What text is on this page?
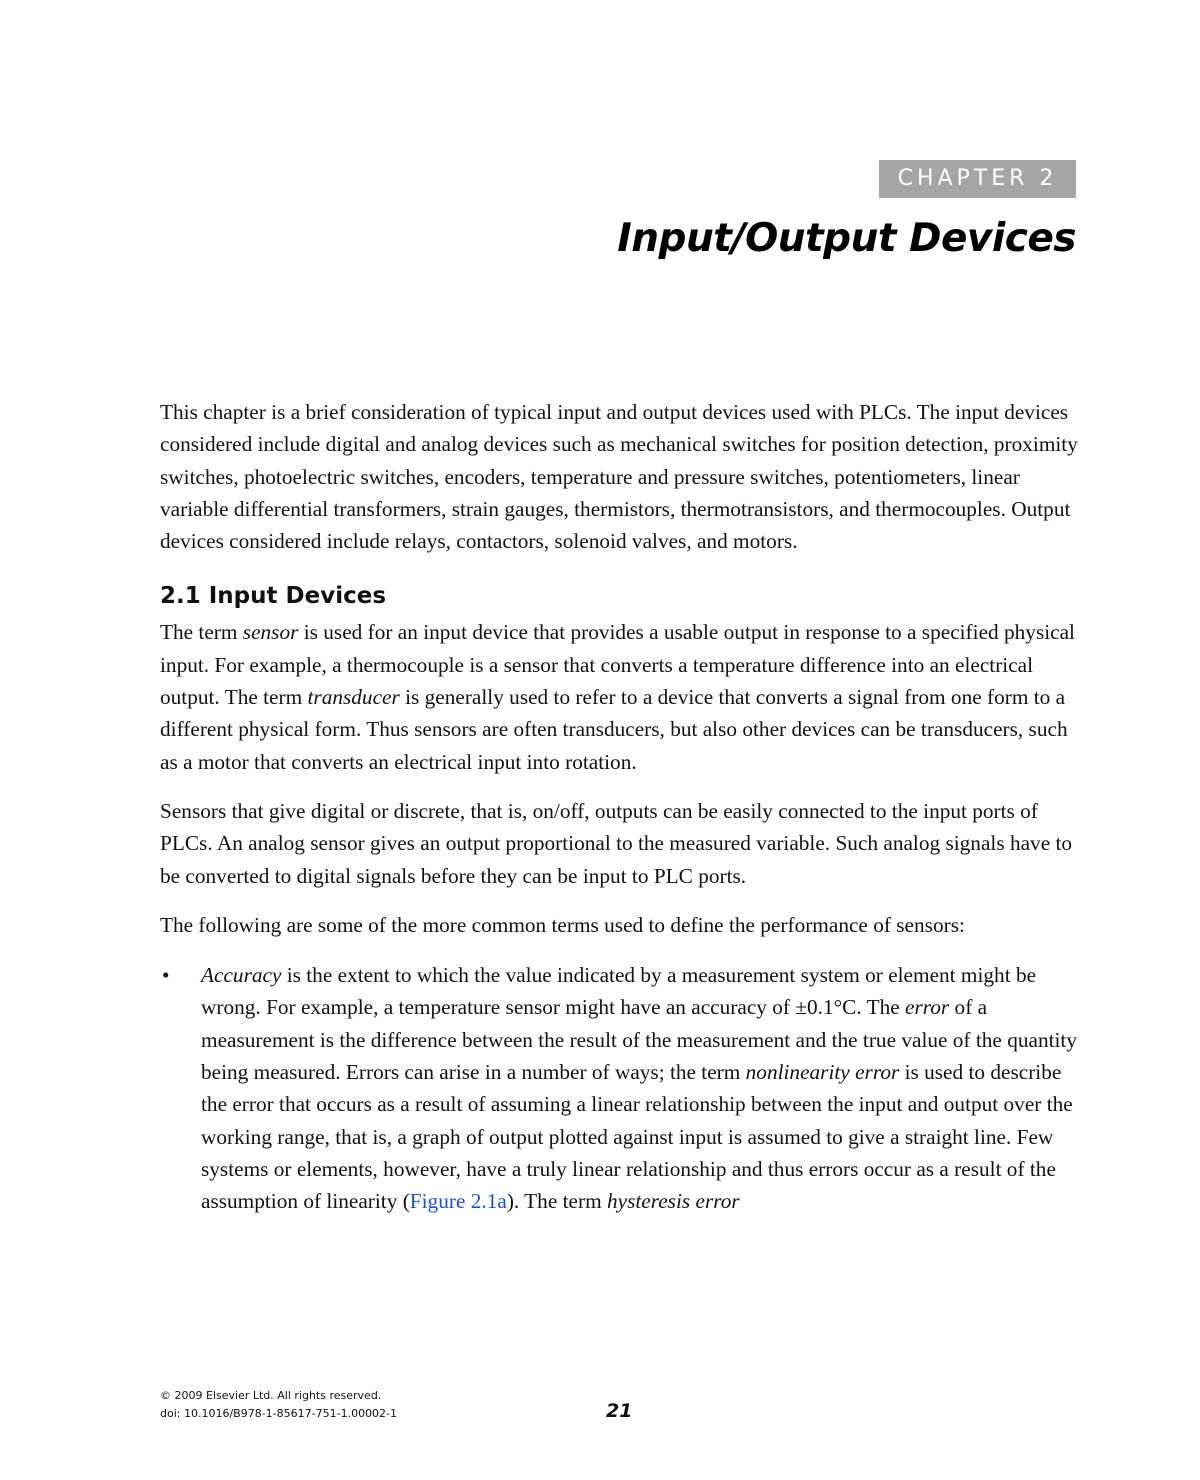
CHAPTER 2
Input/Output Devices

This chapter is a brief consideration of typical input and output devices used with PLCs. The input devices considered include digital and analog devices such as mechanical switches for position detection, proximity switches, photoelectric switches, encoders, temperature and pressure switches, potentiometers, linear variable differential transformers, strain gauges, thermistors, thermotransistors, and thermocouples. Output devices considered include relays, contactors, solenoid valves, and motors.

2.1 Input Devices

The term sensor is used for an input device that provides a usable output in response to a specified physical input. For example, a thermocouple is a sensor that converts a temperature difference into an electrical output. The term transducer is generally used to refer to a device that converts a signal from one form to a different physical form. Thus sensors are often transducers, but also other devices can be transducers, such as a motor that converts an electrical input into rotation.

Sensors that give digital or discrete, that is, on/off, outputs can be easily connected to the input ports of PLCs. An analog sensor gives an output proportional to the measured variable. Such analog signals have to be converted to digital signals before they can be input to PLC ports.

The following are some of the more common terms used to define the performance of sensors:

• Accuracy is the extent to which the value indicated by a measurement system or element might be wrong. For example, a temperature sensor might have an accuracy of ±0.1°C. The error of a measurement is the difference between the result of the measurement and the true value of the quantity being measured. Errors can arise in a number of ways; the term nonlinearity error is used to describe the error that occurs as a result of assuming a linear relationship between the input and output over the working range, that is, a graph of output plotted against input is assumed to give a straight line. Few systems or elements, however, have a truly linear relationship and thus errors occur as a result of the assumption of linearity (Figure 2.1a). The term hysteresis error

© 2009 Elsevier Ltd. All rights reserved.
doi: 10.1016/B978-1-85617-751-1.00002-1	21
